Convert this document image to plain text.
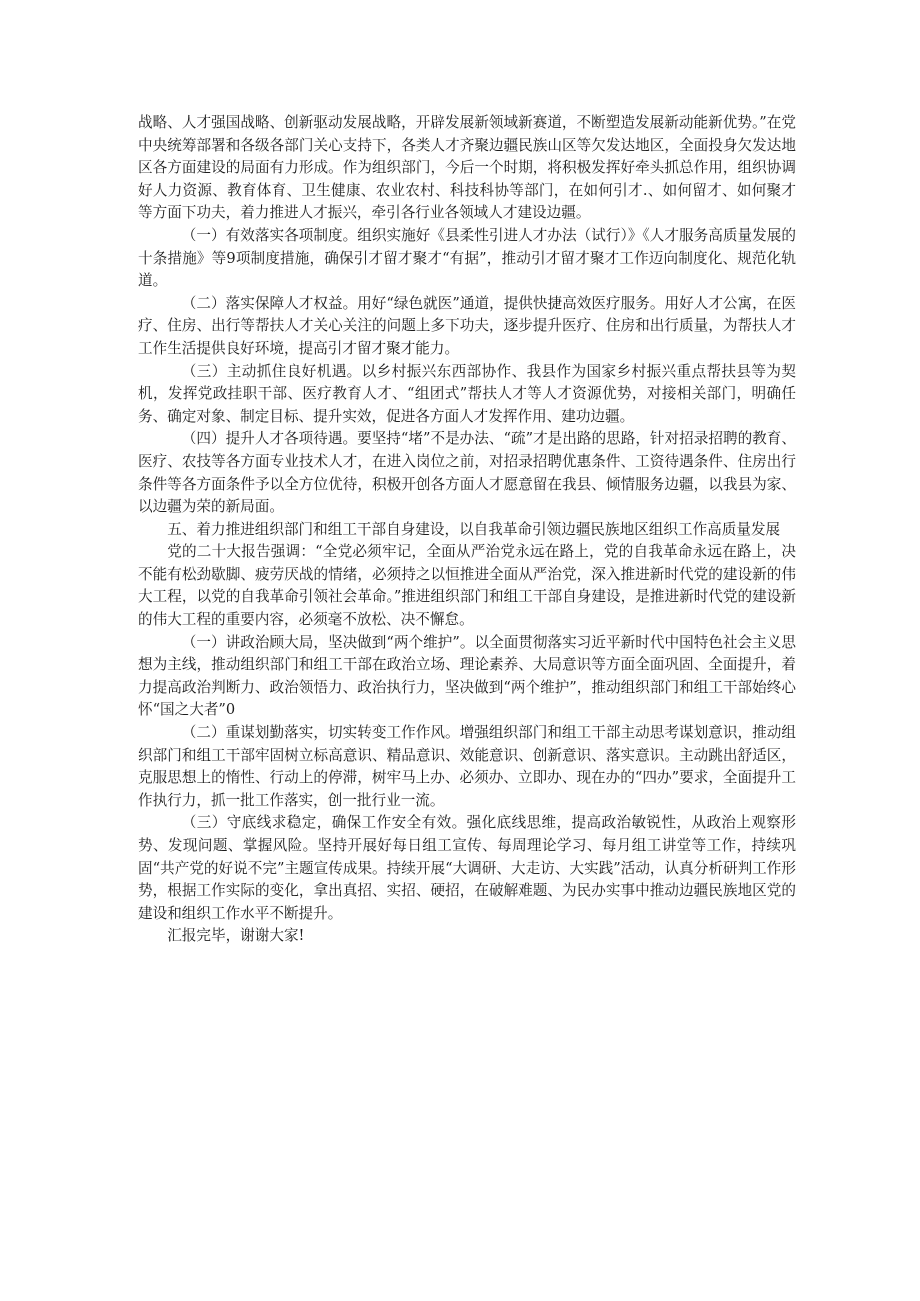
战略、人才强国战略、创新驱动发展战略，开辟发展新领域新赛道，不断塑造发展新动能新优势。”在党中央统筹部署和各级各部门关心支持下，各类人才齐聚边疆民族山区等欠发达地区，全面投身欠发达地区各方面建设的局面有力形成。作为组织部门，今后一个时期，将积极发挥好牵头抓总作用，组织协调好人力资源、教育体育、卫生健康、农业农村、科技科协等部门，在如何引才.、如何留才、如何聚才等方面下功夫，着力推进人才振兴，牵引各行业各领域人才建设边疆。

（一）有效落实各项制度。组织实施好《县柔性引进人才办法（试行）》《人才服务高质量发展的十条措施》等9项制度措施，确保引才留才聚才“有据”，推动引才留才聚才工作迈向制度化、规范化轨道。

（二）落实保障人才权益。用好“绿色就医”通道，提供快捷高效医疗服务。用好人才公寓，在医疗、住房、出行等帮扶人才关心关注的问题上多下功夫，逐步提升医疗、住房和出行质量，为帮扶人才工作生活提供良好环境，提高引才留才聚才能力。

（三）主动抓住良好机遇。以乡村振兴东西部协作、我县作为国家乡村振兴重点帮扶县等为契机，发挥党政挂职干部、医疗教育人才、“组团式”帮扶人才等人才资源优势，对接相关部门，明确任务、确定对象、制定目标、提升实效，促进各方面人才发挥作用、建功边疆。

（四）提升人才各项待遇。要坚持“堵”不是办法、“疏”才是出路的思路，针对招录招聘的教育、医疗、农技等各方面专业技术人才，在进入岗位之前，对招录招聘优惠条件、工资待遇条件、住房出行条件等各方面条件予以全方位优待，积极开创各方面人才愿意留在我县、倾情服务边疆，以我县为家、以边疆为荣的新局面。

五、着力推进组织部门和组工干部自身建设，以自我革命引领边疆民族地区组织工作高质量发展

党的二十大报告强调：“全党必须牢记，全面从严治党永远在路上，党的自我革命永远在路上，决不能有松劲歇脚、疲劳厌战的情绪，必须持之以恒推进全面从严治党，深入推进新时代党的建设新的伟大工程，以党的自我革命引领社会革命。”推进组织部门和组工干部自身建设，是推进新时代党的建设新的伟大工程的重要内容，必须毫不放松、决不懈怠。

（一）讲政治顾大局，坚决做到“两个维护”。以全面贯彻落实习近平新时代中国特色社会主义思想为主线，推动组织部门和组工干部在政治立场、理论素养、大局意识等方面全面巩固、全面提升，着力提高政治判断力、政治领悟力、政治执行力，坚决做到“两个维护”，推动组织部门和组工干部始终心怀“国之大者”0

（二）重谋划勤落实，切实转变工作作风。增强组织部门和组工干部主动思考谋划意识，推动组织部门和组工干部牢固树立标高意识、精品意识、效能意识、创新意识、落实意识。主动跳出舒适区，克服思想上的惰性、行动上的停滞，树牢马上办、必须办、立即办、现在办的“四办”要求，全面提升工作执行力，抓一批工作落实，创一批行业一流。

（三）守底线求稳定，确保工作安全有效。强化底线思维，提高政治敏锐性，从政治上观察形势、发现问题、掌握风险。坚持开展好每日组工宣传、每周理论学习、每月组工讲堂等工作，持续巩固“共产党的好说不完”主题宣传成果。持续开展“大调研、大走访、大实践”活动，认真分析研判工作形势，根据工作实际的变化，拿出真招、实招、硬招，在破解难题、为民办实事中推动边疆民族地区党的建设和组织工作水平不断提升。

汇报完毕，谢谢大家!
